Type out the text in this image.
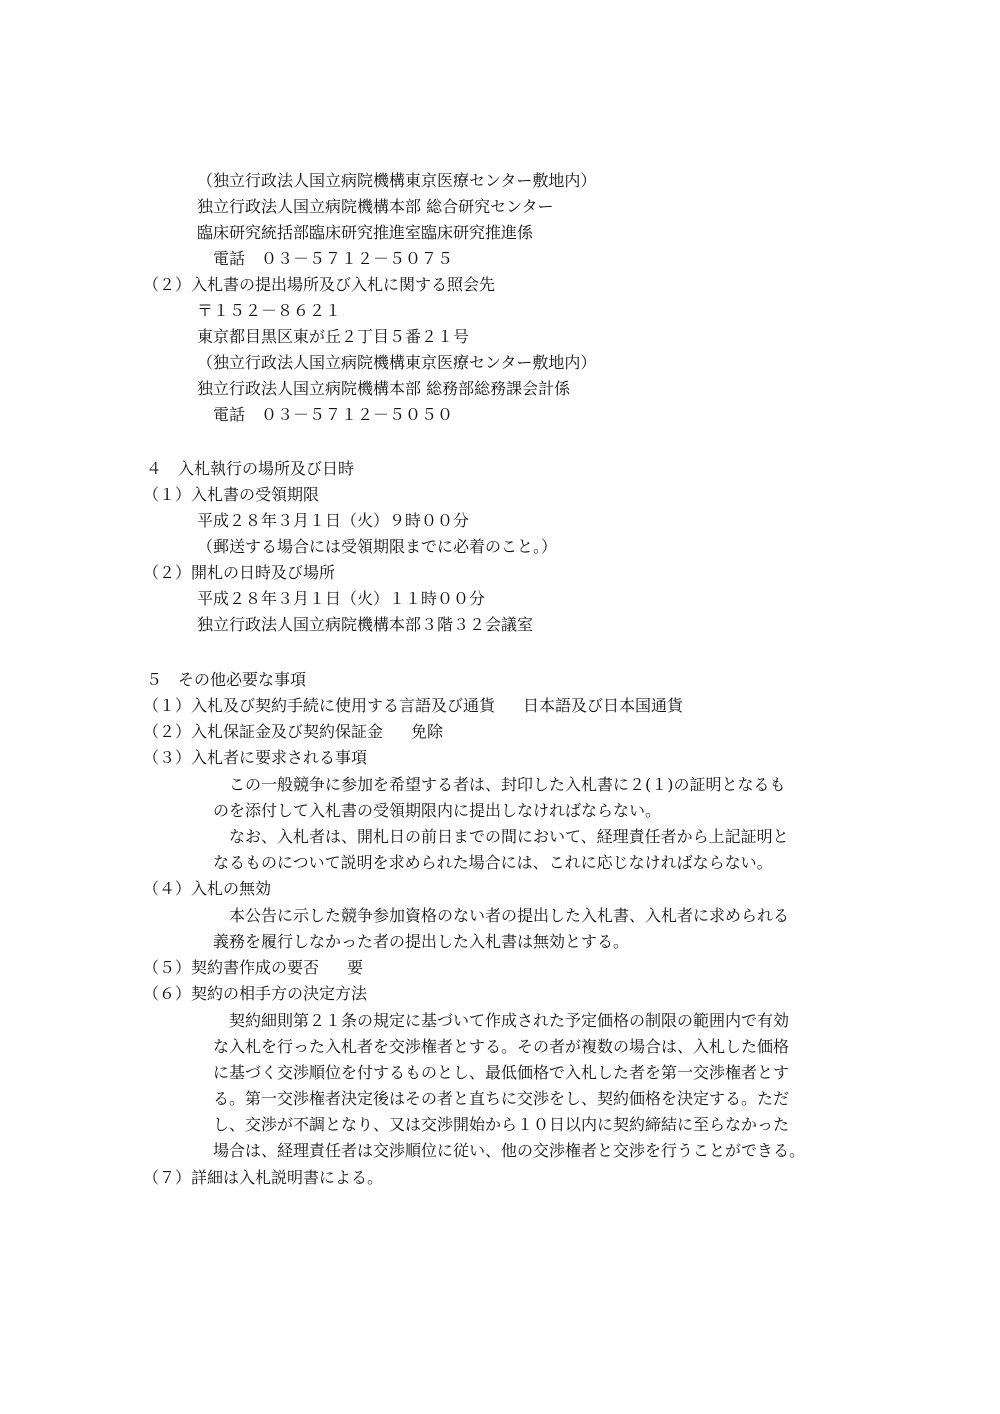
（独立行政法人国立病院機構東京医療センター敷地内）
独立行政法人国立病院機構本部 総合研究センター
臨床研究統括部臨床研究推進室臨床研究推進係
電話　０３－５７１２－５０７５
（２）入札書の提出場所及び入札に関する照会先
〒１５２－８６２１
東京都目黒区東が丘２丁目５番２１号
（独立行政法人国立病院機構東京医療センター敷地内）
独立行政法人国立病院機構本部 総務部総務課会計係
電話　０３－５７１２－５０５０
４　入札執行の場所及び日時
（１）入札書の受領期限
平成２８年３月１日（火）９時００分
（郵送する場合には受領期限までに必着のこと。）
（２）開札の日時及び場所
平成２８年３月１日（火）１１時００分
独立行政法人国立病院機構本部３階３２会議室
５　その他必要な事項
（１）入札及び契約手続に使用する言語及び通貨 日本語及び日本国通貨
（２）入札保証金及び契約保証金 免除
（３）入札者に要求される事項
この一般競争に参加を希望する者は、封印した入札書に２(１)の証明となるも
のを添付して入札書の受領期限内に提出しなければならない。
なお、入札者は、開札日の前日までの間において、経理責任者から上記証明と
なるものについて説明を求められた場合には、これに応じなければならない。
（４）入札の無効
本公告に示した競争参加資格のない者の提出した入札書、入札者に求められる
義務を履行しなかった者の提出した入札書は無効とする。
（５）契約書作成の要否 要
（６）契約の相手方の決定方法
契約細則第２１条の規定に基づいて作成された予定価格の制限の範囲内で有効
な入札を行った入札者を交渉権者とする。その者が複数の場合は、入札した価格
に基づく交渉順位を付するものとし、最低価格で入札した者を第一交渉権者とす
る。第一交渉権者決定後はその者と直ちに交渉をし、契約価格を決定する。ただ
し、交渉が不調となり、又は交渉開始から１０日以内に契約締結に至らなかった
場合は、経理責任者は交渉順位に従い、他の交渉権者と交渉を行うことができる。
（７）詳細は入札説明書による。
